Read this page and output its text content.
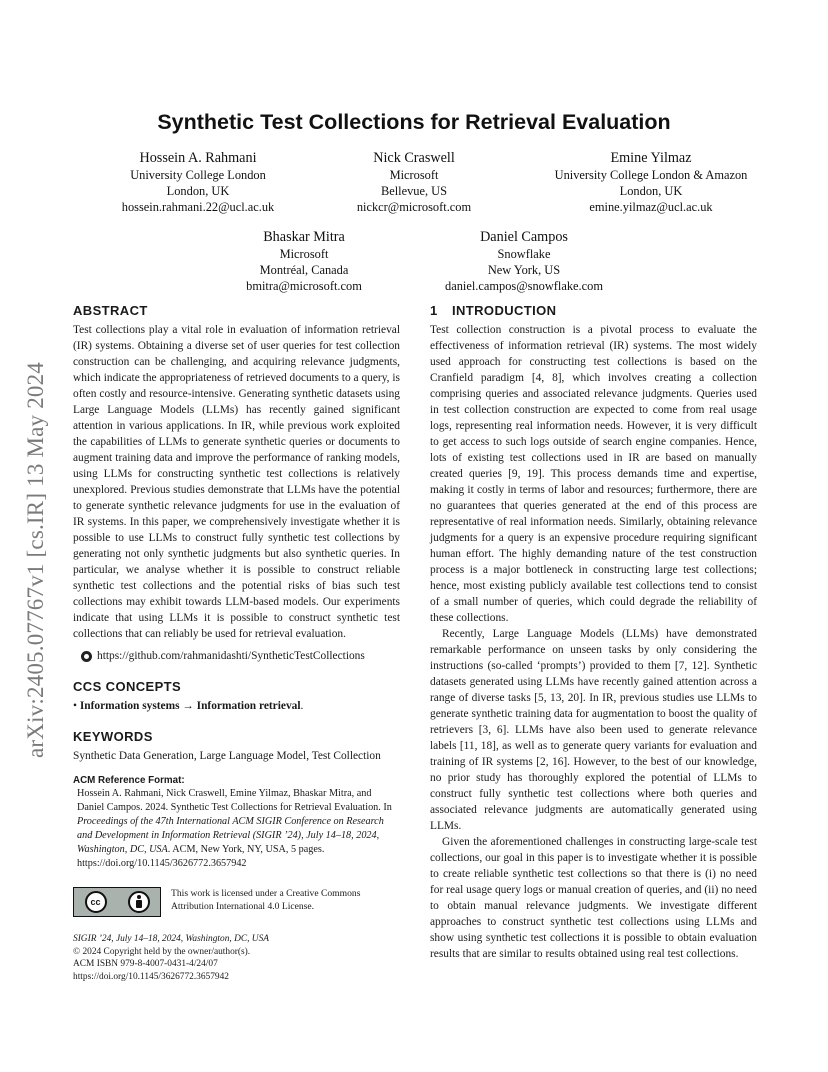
arXiv:2405.07767v1 [cs.IR] 13 May 2024
Synthetic Test Collections for Retrieval Evaluation
Hossein A. Rahmani
University College London
London, UK
hossein.rahmani.22@ucl.ac.uk
Nick Craswell
Microsoft
Bellevue, US
nickcr@microsoft.com
Emine Yilmaz
University College London & Amazon
London, UK
emine.yilmaz@ucl.ac.uk
Bhaskar Mitra
Microsoft
Montréal, Canada
bmitra@microsoft.com
Daniel Campos
Snowflake
New York, US
daniel.campos@snowflake.com
ABSTRACT

Test collections play a vital role in evaluation of information retrieval (IR) systems. Obtaining a diverse set of user queries for test collection construction can be challenging, and acquiring relevance judgments, which indicate the appropriateness of retrieved documents to a query, is often costly and resource-intensive. Generating synthetic datasets using Large Language Models (LLMs) has recently gained significant attention in various applications. In IR, while previous work exploited the capabilities of LLMs to generate synthetic queries or documents to augment training data and improve the performance of ranking models, using LLMs for constructing synthetic test collections is relatively unexplored. Previous studies demonstrate that LLMs have the potential to generate synthetic relevance judgments for use in the evaluation of IR systems. In this paper, we comprehensively investigate whether it is possible to use LLMs to construct fully synthetic test collections by generating not only synthetic judgments but also synthetic queries. In particular, we analyse whether it is possible to construct reliable synthetic test collections and the potential risks of bias such test collections may exhibit towards LLM-based models. Our experiments indicate that using LLMs it is possible to construct synthetic test collections that can reliably be used for retrieval evaluation.

https://github.com/rahmanidashti/SyntheticTestCollections
CCS CONCEPTS

• Information systems → Information retrieval.

KEYWORDS

Synthetic Data Generation, Large Language Model, Test Collection

ACM Reference Format:
Hossein A. Rahmani, Nick Craswell, Emine Yilmaz, Bhaskar Mitra, and Daniel Campos. 2024. Synthetic Test Collections for Retrieval Evaluation. In Proceedings of the 47th International ACM SIGIR Conference on Research and Development in Information Retrieval (SIGIR ’24), July 14–18, 2024, Washington, DC, USA. ACM, New York, NY, USA, 5 pages. https://doi.org/10.1145/3626772.3657942
cc
This work is licensed under a Creative Commons Attribution International 4.0 License.
SIGIR ’24, July 14–18, 2024, Washington, DC, USA
© 2024 Copyright held by the owner/author(s).
ACM ISBN 979-8-4007-0431-4/24/07
https://doi.org/10.1145/3626772.3657942
1 INTRODUCTION

Test collection construction is a pivotal process to evaluate the effectiveness of information retrieval (IR) systems. The most widely used approach for constructing test collections is based on the Cranfield paradigm [4, 8], which involves creating a collection comprising queries and associated relevance judgments. Queries used in test collection construction are expected to come from real usage logs, representing real information needs. However, it is very difficult to get access to such logs outside of search engine companies. Hence, lots of existing test collections used in IR are based on manually created queries [9, 19]. This process demands time and expertise, making it costly in terms of labor and resources; furthermore, there are no guarantees that queries generated at the end of this process are representative of real information needs. Similarly, obtaining relevance judgments for a query is an expensive procedure requiring significant human effort. The highly demanding nature of the test construction process is a major bottleneck in constructing large test collections; hence, most existing publicly available test collections tend to consist of a small number of queries, which could degrade the reliability of these collections.

Recently, Large Language Models (LLMs) have demonstrated remarkable performance on unseen tasks by only considering the instructions (so-called ‘prompts’) provided to them [7, 12]. Synthetic datasets generated using LLMs have recently gained attention across a range of diverse tasks [5, 13, 20]. In IR, previous studies use LLMs to generate synthetic training data for augmentation to boost the quality of retrievers [3, 6]. LLMs have also been used to generate relevance labels [11, 18], as well as to generate query variants for evaluation and training of IR systems [2, 16]. However, to the best of our knowledge, no prior study has thoroughly explored the potential of LLMs to construct fully synthetic test collections where both queries and associated relevance judgments are automatically generated using LLMs.

Given the aforementioned challenges in constructing large-scale test collections, our goal in this paper is to investigate whether it is possible to create reliable synthetic test collections so that there is (i) no need for real usage query logs or manual creation of queries, and (ii) no need to obtain manual relevance judgments. We investigate different approaches to construct synthetic test collections using LLMs and show using synthetic test collections it is possible to obtain evaluation results that are similar to results obtained using real test collections.
